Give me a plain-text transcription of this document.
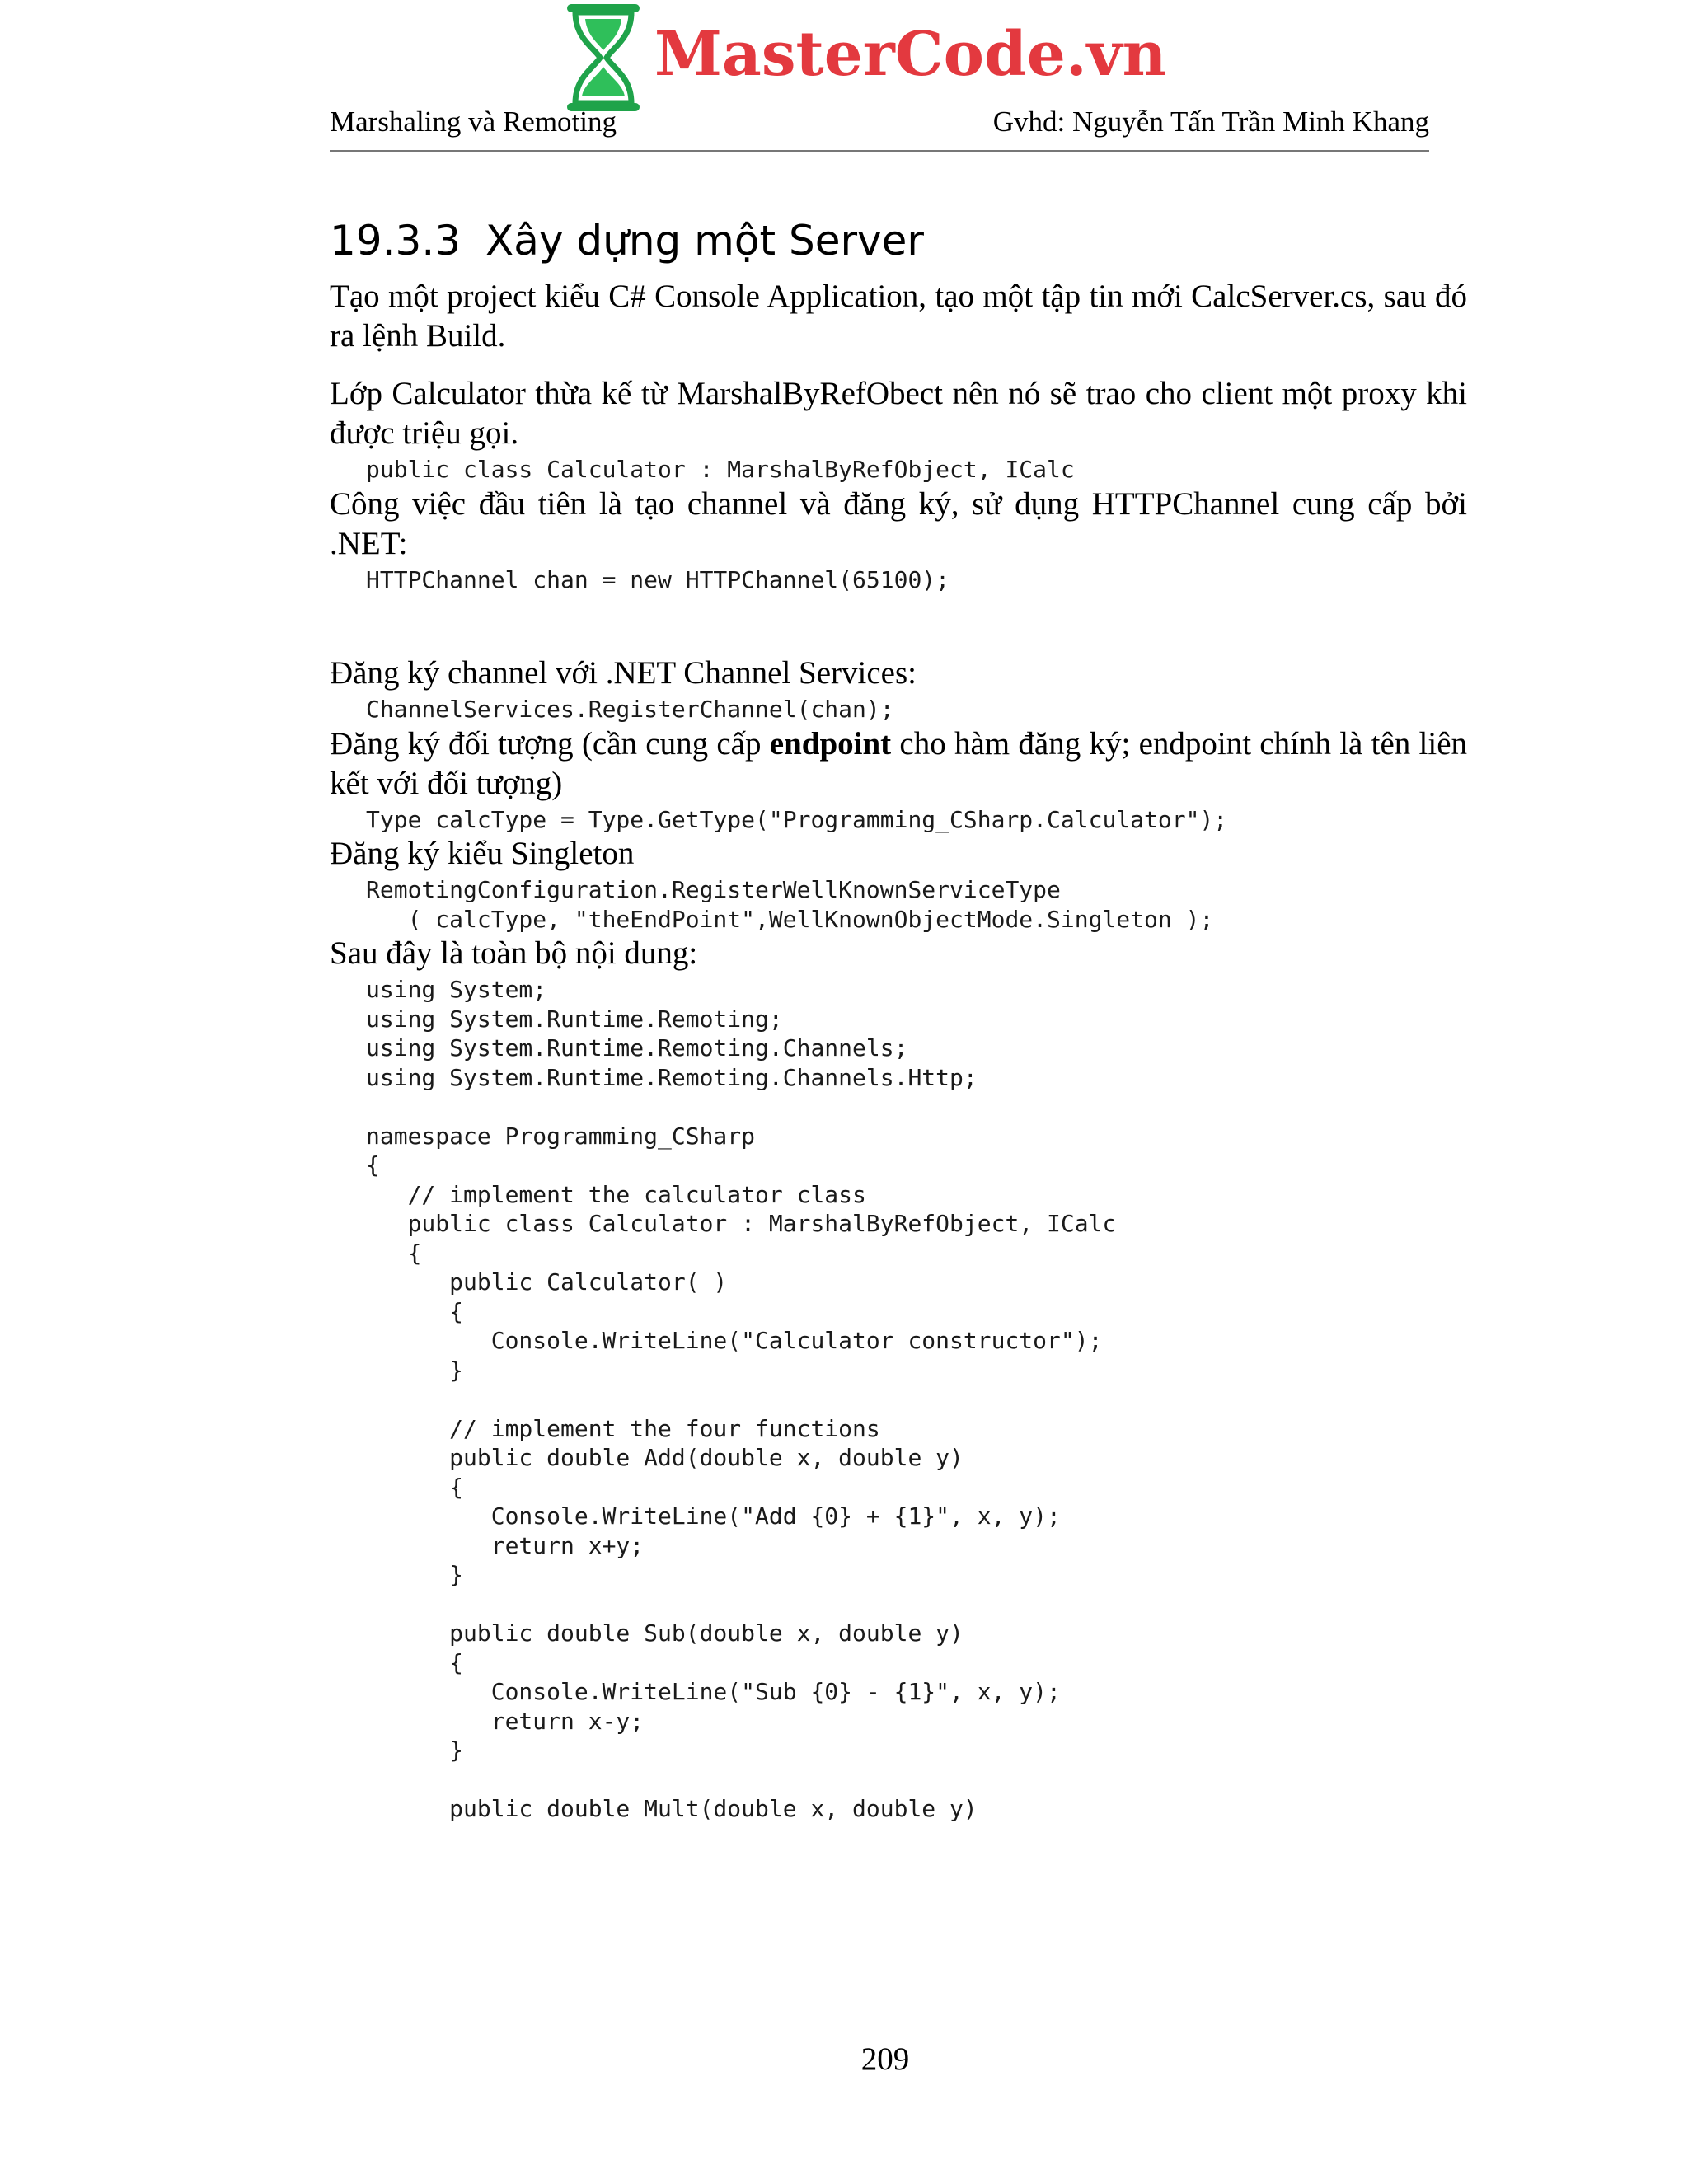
MasterCode.vn
Marshaling và Remoting	Gvhd: Nguyễn Tấn Trần Minh Khang
19.3.3 Xây dựng một Server

Tạo một project kiểu C# Console Application, tạo một tập tin mới CalcServer.cs, sau đó ra lệnh Build.

Lớp Calculator thừa kế từ MarshalByRefObect nên nó sẽ trao cho client một proxy khi được triệu gọi.

public class Calculator : MarshalByRefObject, ICalc

Công việc đầu tiên là tạo channel và đăng ký, sử dụng HTTPChannel cung cấp bởi .NET:

HTTPChannel chan = new HTTPChannel(65100);

Đăng ký channel với .NET Channel Services:

ChannelServices.RegisterChannel(chan);

Đăng ký đối tượng (cần cung cấp endpoint cho hàm đăng ký; endpoint chính là tên liên kết với đối tượng)

Type calcType = Type.GetType("Programming_CSharp.Calculator");

Đăng ký kiểu Singleton

RemotingConfiguration.RegisterWellKnownServiceType
( calcType, "theEndPoint",WellKnownObjectMode.Singleton );

Sau đây là toàn bộ nội dung:

using System;
using System.Runtime.Remoting;
using System.Runtime.Remoting.Channels;
using System.Runtime.Remoting.Channels.Http;

namespace Programming_CSharp
{
// implement the calculator class
public class Calculator : MarshalByRefObject, ICalc
{
public Calculator( )
{
Console.WriteLine("Calculator constructor");
}

// implement the four functions
public double Add(double x, double y)
{
Console.WriteLine("Add {0} + {1}", x, y);
return x+y;
}

public double Sub(double x, double y)
{
Console.WriteLine("Sub {0} - {1}", x, y);
return x-y;
}

public double Mult(double x, double y)
209
